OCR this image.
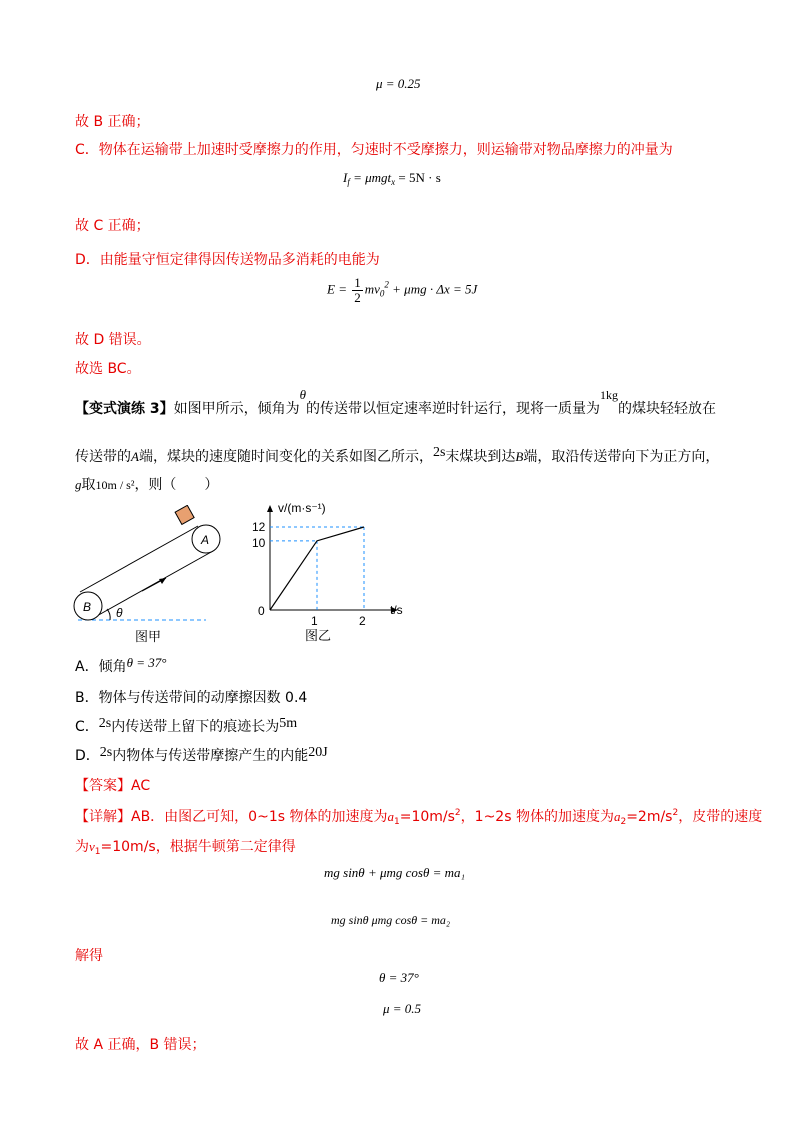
μ = 0.25
故 B 正确；
C．物体在运输带上加速时受摩擦力的作用，匀速时不受摩擦力，则运输带对物品摩擦力的冲量为
$I_f = \mu mgt_x = 5N \cdot s$
故 C 正确；
D．由能量守恒定律得因传送物品多消耗的电能为
$E = \frac{1}{2} mv_0^2 + \mu mg \cdot \Delta x = 5J$
故 D 错误。
故选 BC。
【变式演练 3】如图甲所示，倾角为θ的传送带以恒定速率逆时针运行，现将一质量为1kg的煤块轻轻放在
传送带的A端，煤块的速度随时间变化的关系如图乙所示，2s末煤块到达B端，取沿传送带向下为正方向，
g取10m / s²，则（　　）
B
A
θ
图甲
v/(m·s⁻¹)
t/s
0
12
10
1	2
图乙
A．倾角θ = 37°
B．物体与传送带间的动摩擦因数 0.4
C．2s内传送带上留下的痕迹长为5m
D．2s内物体与传送带摩擦产生的内能20J
【答案】AC
【详解】AB．由图乙可知，0~1s 物体的加速度为$a_1=10m/s^2$，1~2s 物体的加速度为$a_2=2m/s^2$，皮带的速度
为$v_1=10m/s$，根据牛顿第二定律得
mg sinθ + μmg cosθ = ma₁
mg sinθ μmg cosθ = ma₂
解得
θ = 37°
μ = 0.5
故 A 正确，B 错误；
